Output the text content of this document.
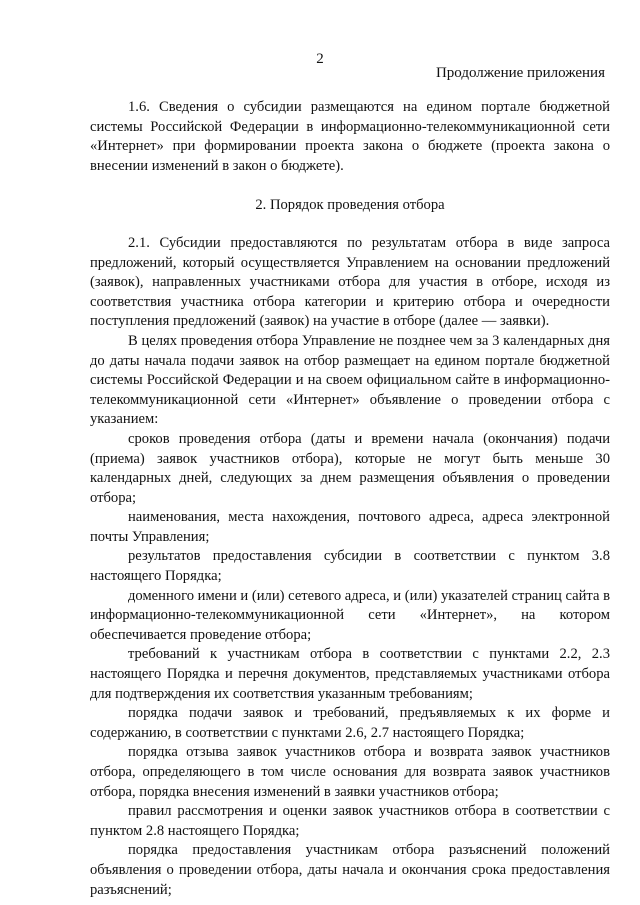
2
Продолжение приложения

1.6. Сведения о субсидии размещаются на едином портале бюджетной системы Российской Федерации в информационно-телекоммуникационной сети «Интернет» при формировании проекта закона о бюджете (проекта закона о внесении изменений в закон о бюджете).

2. Порядок проведения отбора

2.1. Субсидии предоставляются по результатам отбора в виде запроса предложений, который осуществляется Управлением на основании предложений (заявок), направленных участниками отбора для участия в отборе, исходя из соответствия участника отбора категории и критерию отбора и очередности поступления предложений (заявок) на участие в отборе (далее — заявки).

В целях проведения отбора Управление не позднее чем за 3 календарных дня до даты начала подачи заявок на отбор размещает на едином портале бюджетной системы Российской Федерации и на своем официальном сайте в информационно-телекоммуникационной сети «Интернет» объявление о проведении отбора с указанием:

сроков проведения отбора (даты и времени начала (окончания) подачи (приема) заявок участников отбора), которые не могут быть меньше 30 календарных дней, следующих за днем размещения объявления о проведении отбора;

наименования, места нахождения, почтового адреса, адреса электронной почты Управления;

результатов предоставления субсидии в соответствии с пунктом 3.8 настоящего Порядка;

доменного имени и (или) сетевого адреса, и (или) указателей страниц сайта в информационно-телекоммуникационной сети «Интернет», на котором обеспечивается проведение отбора;

требований к участникам отбора в соответствии с пунктами 2.2, 2.3 настоящего Порядка и перечня документов, представляемых участниками отбора для подтверждения их соответствия указанным требованиям;

порядка подачи заявок и требований, предъявляемых к их форме и содержанию, в соответствии с пунктами 2.6, 2.7 настоящего Порядка;

порядка отзыва заявок участников отбора и возврата заявок участников отбора, определяющего в том числе основания для возврата заявок участников отбора, порядка внесения изменений в заявки участников отбора;

правил рассмотрения и оценки заявок участников отбора в соответствии с пунктом 2.8 настоящего Порядка;

порядка предоставления участникам отбора разъяснений положений объявления о проведении отбора, даты начала и окончания срока предоставления разъяснений;
